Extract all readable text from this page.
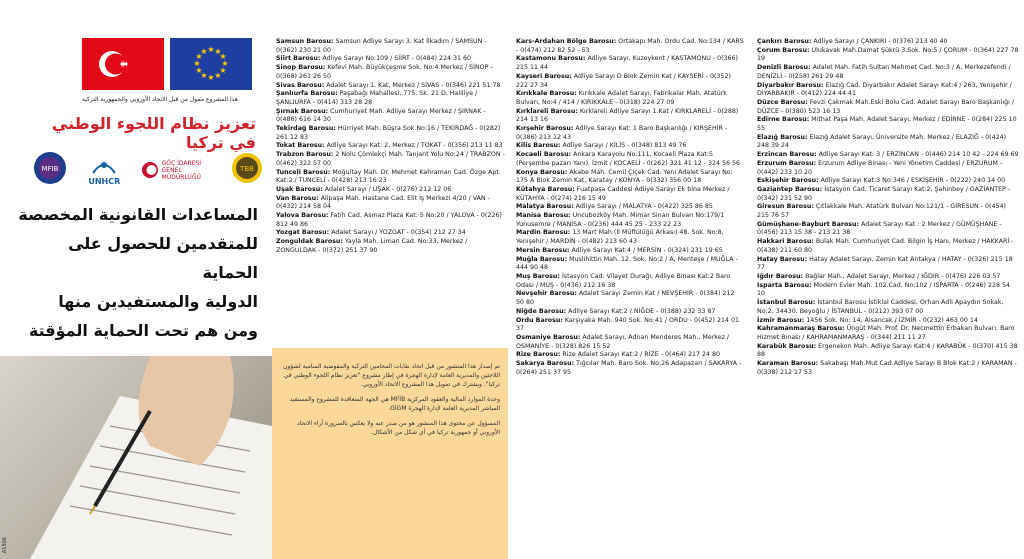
★ ★
★
★
★
★
★
★
★
★
★
★
هذا المشروع ممول من قبل الاتحاد الأوروبي والجمهورية التركية
تعزيز نظام اللجوء الوطني في تركيا
MFIB
UNHCR
GÖÇ İDARESİ GENEL MÜDÜRLÜĞÜ
TBB
المساعدات القانونية المخصصة
للمتقدمين للحصول على الحماية
الدولية والمستفيدين منها
ومن هم تحت الحماية المؤقتة
A1806

Samsun Barosu: Samsun Adliye Sarayı 3. Kat İlkadım / SAMSUN - 0(362) 230 21 00

Siirt Barosu: Adliye Sarayı No:109 / SİİRT - 0(484) 224 31 60

Sinop Barosu: Kefevi Mah. Büyükçeşme Sok. No:4 Merkez / SİNOP - 0(368) 261 26 50

Sivas Barosu: Adalet Sarayı 1. Kat, Merkez / SİVAS - 0(346) 221 51 78

Şanlıurfa Barosu: Paşabağı Mahallesi, 775. Sk. 21 D, Haliliye / ŞANLIURFA - 0(414) 313 28 28

Şırnak Barosu: Cumhuriyet Mah. Adliye Sarayı Merkez / ŞIRNAK - 0(486) 616 14 30

Tekirdağ Barosu: Hürriyet Mah. Büşra Sok.No:16 / TEKİRDAĞ - 0(282) 261 12 83

Tokat Barosu: Adliye Sarayı Kat: 2, Merkez / TOKAT - 0(356) 213 11 83

Trabzon Barosu: 2 Nolu Çömlekçi Mah. Tanjant Yolu No:24 / TRABZON - 0(462) 322 57 00

Tunceli Barosu: Moğultay Mah. Dr. Mehmet Kahraman Cad. Özge Apt. Kat:2 / TUNCELİ - 0(428) 213 16 23

Uşak Barosu: Adalet Sarayı / UŞAK - 0(276) 212 12 06

Van Barosu: Alipaşa Mah. Hastane Cad. Elit İş Merkezi 4/20 / VAN - 0(432) 214 58 04

Yalova Barosu: Fatih Cad. Asmaz Plaza Kat: 5 No:20 / YALOVA - 0(226) 812 49 86

Yozgat Barosu: Adalet Sarayı / YOZGAT - 0(354) 212 27 34

Zonguldak Barosu: Yayla Mah. Liman Cad. No:33, Merkez / ZONGULDAK - 0(372) 251 37 90

Kars-Ardahan Bölge Barosu: Ortakapı Mah. Ordu Cad. No:134 / KARS - 0(474) 212 82 52 - 53

Kastamonu Barosu: Adliye Sarayı, Kuzeykent / KASTAMONU - 0(366) 215 11 44

Kayseri Barosu: Adliye Sarayı D Blok Zemin Kat / KAYSERİ - 0(352) 222 27 34

Kırıkkale Barosu: Kırıkkale Adalet Sarayı, Fabrikalar Mah. Atatürk Bulvarı, No:4 / 414 / KIRIKKALE - 0(318) 224 27 09

Kırklareli Barosu: Kırklareli Adliye Sarayı 1.Kat / KIRKLARELİ - 0(288) 214 13 16

Kırşehir Barosu: Adliye Sarayı Kat: 1 Baro Başkanlığı / KIRŞEHİR - 0(386) 213 12 43

Kilis Barosu: Adliye Sarayı / KİLİS - 0(348) 813 49 76

Kocaeli Barosu: Ankara Karayolu No:111, Kocaeli Plaza Kat:5 (Perşembe pazarı Yanı), İzmit / KOCAELİ - 0(262) 321 41 12 - 324 56 56

Konya Barosu: Akabe Mah. Cemil Çiçek Cad. Yeni Adalet Sarayı No: 175 A Blok Zemin Kat, Karatay / KONYA - 0(332) 356 00 18

Kütahya Barosu: Fuatpaşa Caddesi Adliye Sarayı Ek bina Merkez / KÜTAHYA - 0(274) 216 15 49

Malatya Barosu: Adliye Sarayı / MALATYA - 0(422) 325 86 85

Manisa Barosu: Uncubozköy Mah. Mimar Sinan Bulvarı No:179/1 Yunusemre / MANİSA - 0(236) 444 45 25 - 233 22 23

Mardin Barosu: 13 Mart Mah.(İl Müftülüğü Arkası) 48. Sok. No:8, Yenişehir / MARDİN - 0(482) 213 60 43

Mersin Barosu: Adliye Sarayı Kat:4 / MERSİN - 0(324) 231 19 65

Muğla Barosu: Muslihittin Mah. 12. Sok. No:2 / A, Menteşe / MUĞLA - 444 90 48

Muş Barosu: İstasyon Cad. Vilayet Durağı, Adliye Binası Kat:2 Baro Odası / MUŞ - 0(436) 212 16 38

Nevşehir Barosu: Adalet Sarayı Zemin Kat / NEVŞEHİR - 0(384) 212 50 80

Niğde Barosu: Adliye Sarayı Kat:2 / NİĞDE - 0(388) 232 33 87

Ordu Barosu: Karşıyaka Mah. 940 Sok. No:41 / ORDU - 0(452) 214 01 37

Osmaniye Barosu: Adalet Sarayı, Adnan Menderes Mah., Merkez / OSMANİYE - 0(328) 826 15 52

Rize Barosu: Rize Adalet Sarayı Kat:2 / RİZE - 0(464) 217 24 80

Sakarya Barosu: Tığcılar Mah. Baro Sok. No:26 Adapazarı / SAKARYA - 0(264) 251 37 95

Çankırı Barosu: Adliye Sarayı / ÇANKIRI - 0(376) 213 40 40

Çorum Barosu: Ulukavak Mah.Damat Şükrü 3.Sok. No:5 / ÇORUM - 0(364) 227 78 19

Denizli Barosu: Adalet Mah. Fatih Sultan Mehmet Cad. No:3 / A, Merkezefendi / DENİZLİ - 0(258) 261 29 48

Diyarbakır Barosu: Elazığ Cad. Diyarbakır Adalet Sarayı Kat:4 / 263, Yenişehir / DİYARBAKIR - 0(412) 224 44 41

Düzce Barosu: Fevzi Çakmak Mah.Eski Bolu Cad. Adalet Sarayı Baro Başkanlığı / DÜZCE - 0(380) 523 16 13

Edirne Barosu: Mithat Paşa Mah. Adalet Sarayı, Merkez / EDİRNE - 0(284) 225 10 55

Elazığ Barosu: Elazığ Adalet Sarayı, Üniversite Mah. Merkez / ELAZIĞ - 0(424) 248 39 24

Erzincan Barosu: Adliye Sarayı Kat: 3 / ERZİNCAN - 0(446) 214 10 42 - 224 69 69

Erzurum Barosu: Erzurum Adliye Binası - Yeni Yönetim Caddesi / ERZURUM - 0(442) 233 10 20

Eskişehir Barosu: Adliye Sarayı Kat:3 No:346 / ESKİŞEHİR - 0(222) 240 14 00

Gaziantep Barosu: İstasyon Cad. Ticaret Sarayı Kat:2, Şahinbey / GAZİANTEP - 0(342) 231 52 90

Giresun Barosu: Çıtlakkale Mah. Atatürk Bulvarı No:121/1 - GİRESUN - 0(454) 215 76 57

Gümüşhane-Bayburt Barosu: Adalet Sarayı Kat : 2 Merkez / GÜMÜŞHANE - 0(456) 213 15 38 - 213 21 38

Hakkari Barosu: Bulak Mah. Cumhuriyet Cad. Bilgin İş Hanı, Merkez / HAKKARİ - 0(438) 211 60 80

Hatay Barosu: Hatay Adalet Sarayı, Zemin Kat Antakya / HATAY - 0(326) 215 18 77

Iğdır Barosu: Bağlar Mah., Adalet Sarayı, Merkez / IĞDIR - 0(476) 226 03 57

Isparta Barosu: Modern Evler Mah. 102.Cad. No:102 / ISPARTA - 0(246) 228 54 10

İstanbul Barosu: İstanbul Barosu İstiklal Caddesi, Orhan Adli Apaydın Sokak, No:2, 34430, Beyoğlu / İSTANBUL - 0(212) 393 07 00

İzmir Barosu: 1456 Sok. No: 14, Alsancak / İZMİR - 0(232) 463 00 14

Kahramanmaraş Barosu: Üngüt Mah. Prof. Dr. Necmettin Erbakan Bulvarı, Baro Hizmet Binası / KAHRAMANMARAŞ - 0(344) 211 11 27

Karabük Barosu: Ergenekon Mah. Adliye Sarayı Kat:4 / KARABÜK - 0(370) 415 38 88

Karaman Barosu: Sakabaşı Mah.Mut Cad.Adliye Sarayı B Blok Kat:2 / KARAMAN - 0(338) 212 17 53

تم إصدار هذا المنشور من قبل اتحاد نقابات المحامين التركية والمفوضية السامية لشؤون اللاجئين والمديرية العامة لإدارة الهجرة في إطار مشروع "تعزيز نظام اللجوء الوطني في تركيا". ويشترك في تمويل هذا المشروع الاتحاد الأوروبي.

وحدة الموارد المالية والعقود المركزية MFİB هي الجهة المتعاقدة للمشروع والمستفيد المباشر المديرية العامة لإدارة الهجرة GİGM.

المسؤول عن محتوى هذا المنشور هو من صدر عنه ولا يعكس بالضرورة آراء الاتحاد الأوروبي أو جمهورية تركيا في أي شكل من الأشكال.
